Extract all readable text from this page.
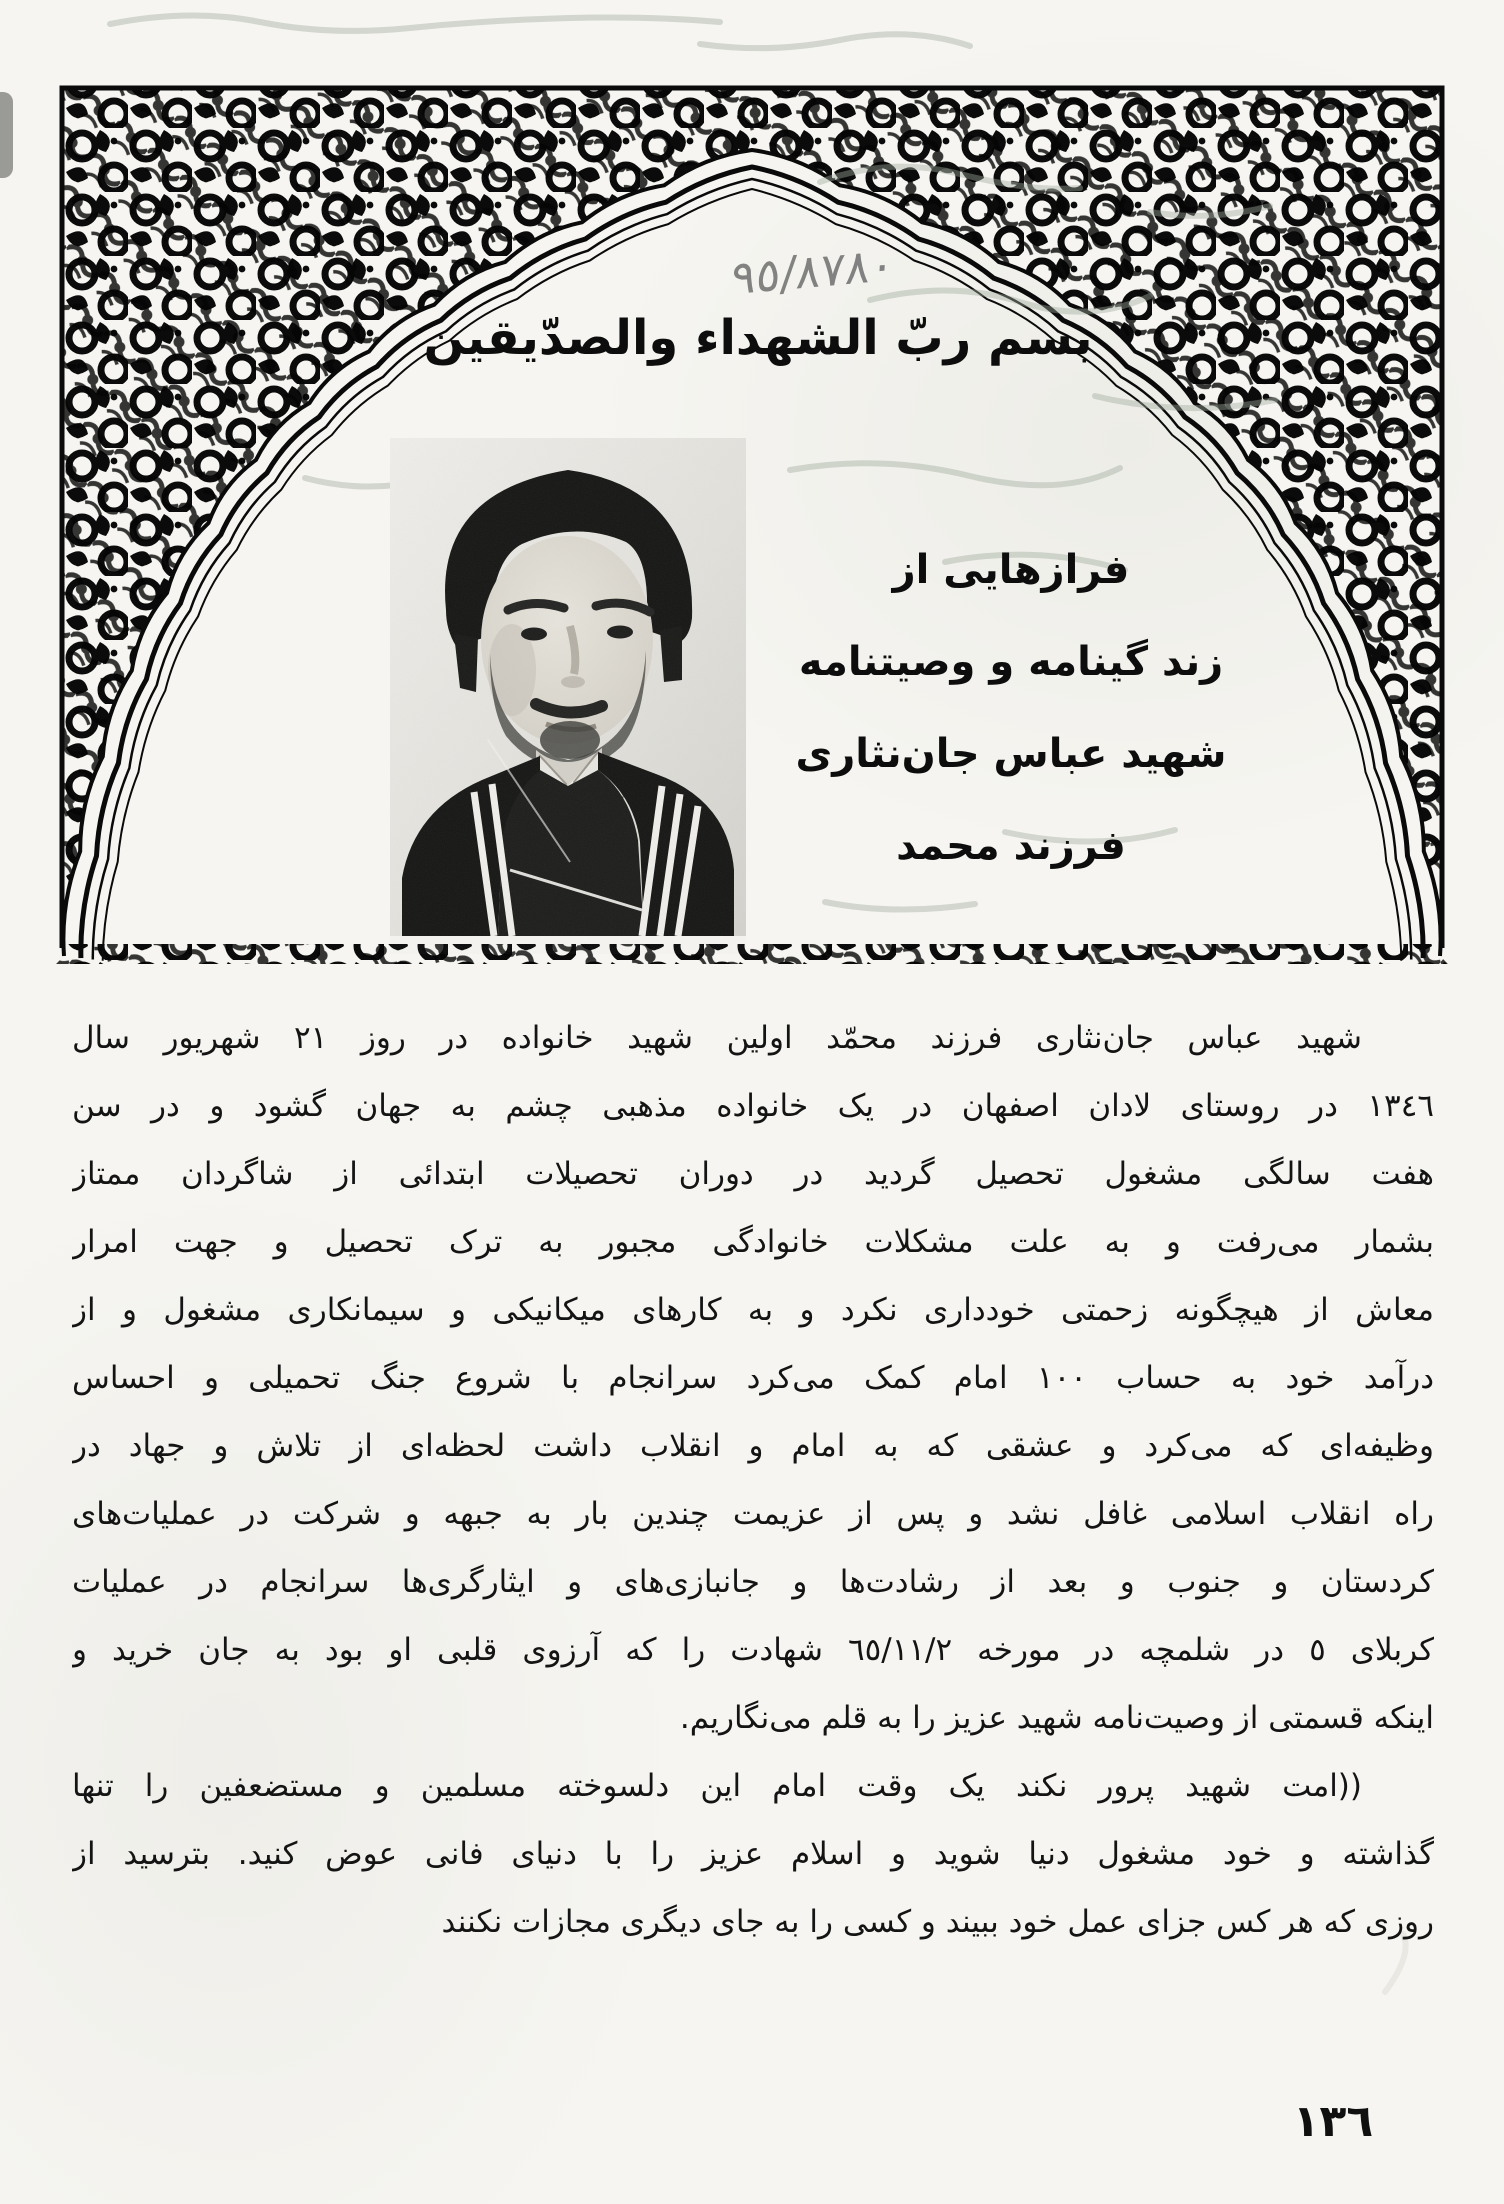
٩٥/٨٧٨٠
بسم ربّ الشهداء والصدّيقين
فرازهایی از
زند گینامه و وصیتنامه
شهید عباس جان‌نثاری
فرزند محمد
شهید عباس جان‌نثاری فرزند محمّد اولین شهید خانواده در روز ٢١ شهریور سال
١٣٤٦ در روستای لادان اصفهان در یک خانواده مذهبی چشم به جهان گشود و در سن
هفت سالگی مشغول تحصیل گردید در دوران تحصیلات ابتدائی از شاگردان ممتاز
بشمار می‌رفت و به علت مشکلات خانوادگی مجبور به ترک تحصیل و جهت امرار
معاش از هیچگونه زحمتی خودداری نکرد و به کارهای میکانیکی و سیمانکاری مشغول و از
درآمد خود به حساب ١٠٠ امام کمک می‌کرد سرانجام با شروع جنگ تحمیلی و احساس
وظیفه‌ای که می‌کرد و عشقی که به امام و انقلاب داشت لحظه‌ای از تلاش و جهاد در
راه انقلاب اسلامی غافل نشد و پس از عزیمت چندین بار به جبهه و شرکت در عملیات‌های
کردستان و جنوب و بعد از رشادت‌ها و جانبازی‌های و ایثارگری‌ها سرانجام در عملیات
کربلای ٥ در شلمچه در مورخه ٦٥/١١/٢ شهادت را که آرزوی قلبی او بود به جان خرید و
اینکه قسمتی از وصیت‌نامه شهید عزیز را به قلم می‌نگاریم.
((امت شهید پرور نکند یک وقت امام این دلسوخته مسلمین و مستضعفین را تنها
گذاشته و خود مشغول دنیا شوید و اسلام عزیز را با دنیای فانی عوض کنید. بترسید از
روزی که هر کس جزای عمل خود ببیند و کسی را به جای دیگری مجازات نکنند
١٣٦
